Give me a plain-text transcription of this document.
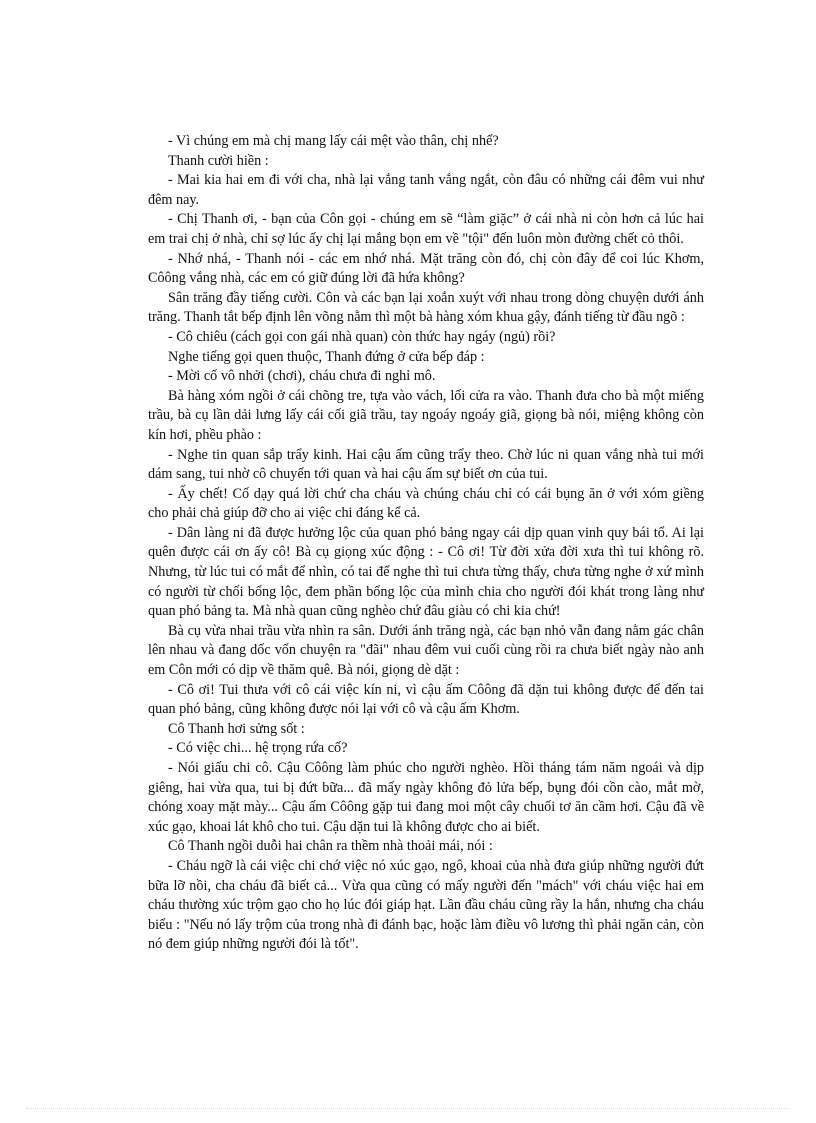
- Vì chúng em mà chị mang lấy cái mệt vào thân, chị nhể?

Thanh cười hiền :

- Mai kia hai em đi với cha, nhà lại vắng tanh vắng ngắt, còn đâu có những cái đêm vui như đêm nay.

- Chị Thanh ơi, - bạn của Côn gọi - chúng em sẽ “làm giặc” ở cái nhà ni còn hơn cả lúc hai em trai chị ở nhà, chỉ sợ lúc ấy chị lại mắng bọn em về "tội" đến luôn mòn đường chết cỏ thôi.

- Nhớ nhá, - Thanh nói - các em nhớ nhá. Mặt trăng còn đó, chị còn đây để coi lúc Khơm, Côông vắng nhà, các em có giữ đúng lời đã hứa không?

Sân trăng đầy tiếng cười. Côn và các bạn lại xoắn xuýt với nhau trong dòng chuyện dưới ánh trăng. Thanh tắt bếp định lên võng nằm thì một bà hàng xóm khua gậy, đánh tiếng từ đầu ngõ :

- Cô chiêu (cách gọi con gái nhà quan) còn thức hay ngáy (ngủ) rồi?

Nghe tiếng gọi quen thuộc, Thanh đứng ở cửa bếp đáp :

- Mời cố vô nhởi (chơi), cháu chưa đi nghỉ mô.

Bà hàng xóm ngồi ở cái chõng tre, tựa vào vách, lối cửa ra vào. Thanh đưa cho bà một miếng trầu, bà cụ lần dải lưng lấy cái cối giã trầu, tay ngoáy ngoáy giã, giọng bà nói, miệng không còn kín hơi, phều phào :

- Nghe tin quan sắp trẩy kinh. Hai cậu ấm cũng trẩy theo. Chờ lúc ni quan vắng nhà tui mới dám sang, tui nhờ cô chuyển tới quan và hai cậu ấm sự biết ơn của tui.

- Ấy chết! Cố dạy quá lời chứ cha cháu và chúng cháu chỉ có cái bụng ăn ở với xóm giềng cho phải chả giúp đỡ cho ai việc chi đáng kể cả.

- Dân làng ni đã được hưởng lộc của quan phó bảng ngay cái dịp quan vinh quy bái tổ. Ai lại quên được cái ơn ấy cô! Bà cụ giọng xúc động : - Cô ơi! Từ đời xửa đời xưa thì tui không rõ. Nhưng, từ lúc tui có mắt để nhìn, có tai để nghe thì tui chưa từng thấy, chưa từng nghe ở xứ mình có người từ chối bổng lộc, đem phần bổng lộc của mình chia cho người đói khát trong làng như quan phó bảng ta. Mà nhà quan cũng nghèo chứ đâu giàu có chi kia chứ!

Bà cụ vừa nhai trầu vừa nhìn ra sân. Dưới ánh trăng ngà, các bạn nhỏ vẫn đang nằm gác chân lên nhau và đang dốc vốn chuyện ra "đãi" nhau đêm vui cuối cùng rồi ra chưa biết ngày nào anh em Côn mới có dịp về thăm quê. Bà nói, giọng dè dặt :

- Cô ơi! Tui thưa với cô cái việc kín ni, vì cậu ấm Côông đã dặn tui không được để đến tai quan phó bảng, cũng không được nói lại với cô và cậu ấm Khơm.

Cô Thanh hơi sửng sốt :

- Có việc chi... hệ trọng rứa cố?

- Nói giấu chi cô. Cậu Côông làm phúc cho người nghèo. Hồi tháng tám năm ngoái và dịp giêng, hai vừa qua, tui bị đứt bữa... đã mấy ngày không đỏ lửa bếp, bụng đói cồn cào, mắt mờ, chóng xoay mặt mày... Cậu ấm Côông gặp tui đang moi một cây chuối tơ ăn cầm hơi. Cậu đã về xúc gạo, khoai lát khô cho tui. Cậu dặn tui là không được cho ai biết.

Cô Thanh ngồi duỗi hai chân ra thềm nhà thoải mái, nói :

- Cháu ngỡ là cái việc chi chớ việc nó xúc gạo, ngô, khoai của nhà đưa giúp những người đứt bữa lỡ nồi, cha cháu đã biết cả... Vừa qua cũng có mấy người đến "mách" với cháu việc hai em cháu thường xúc trộm gạo cho họ lúc đói giáp hạt. Lần đầu cháu cũng rầy la hắn, nhưng cha cháu biểu : "Nếu nó lấy trộm của trong nhà đi đánh bạc, hoặc làm điều vô lương thì phải ngăn cản, còn nó đem giúp những người đói là tốt".
